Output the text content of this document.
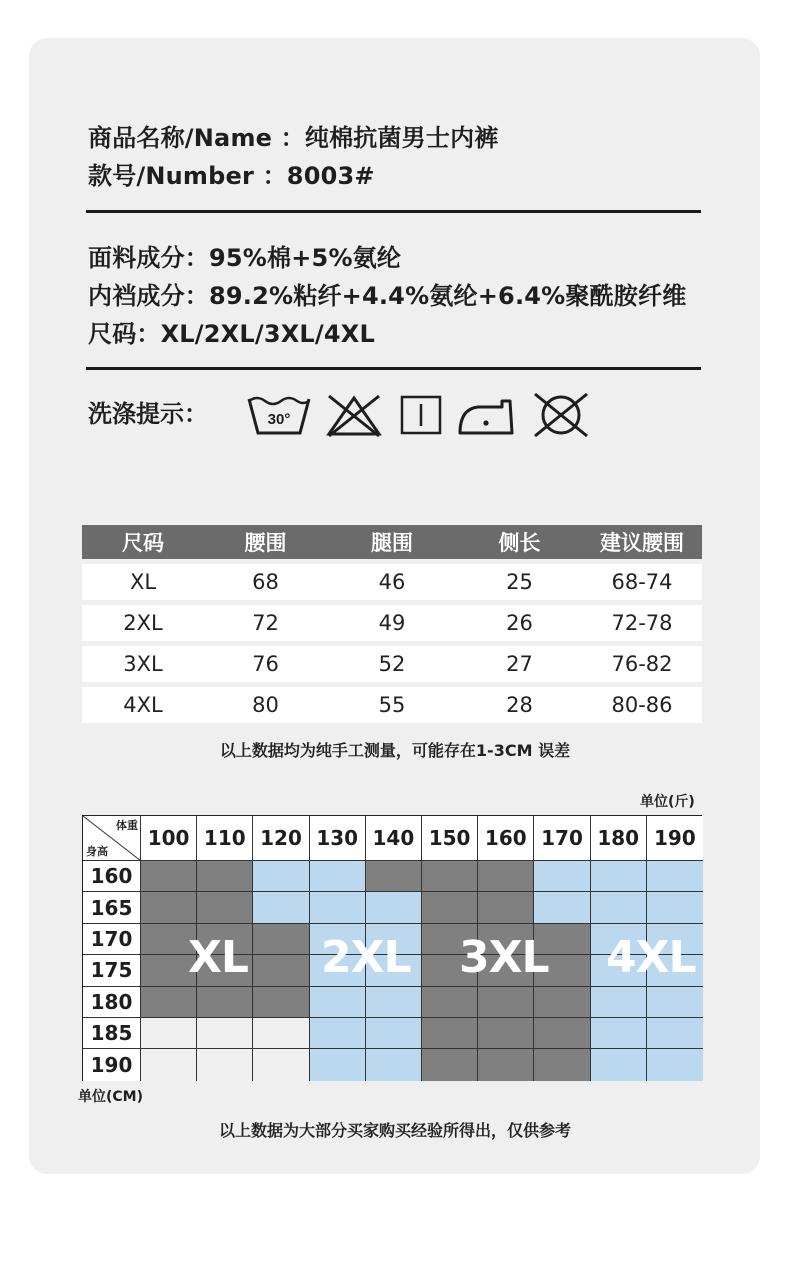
商品名称/Name ：纯棉抗菌男士内裤
款号/Number ：8003#
面料成分：95%棉+5%氨纶
内裆成分：89.2%粘纤+4.4%氨纶+6.4%聚酰胺纤维
尺码：XL/2XL/3XL/4XL
洗涤提示：	30°
尺码	腰围	腿围	侧长	建议腰围
XL	68	46	25	68-74
2XL	72	49	26	72-78
3XL	76	52	27	76-82
4XL	80	55	28	80-86
以上数据均为纯手工测量，可能存在1-3CM 误差
单位(斤)
体重
身高
100 110 120 130 140 150 160 170 180 190
160
165
170
175
180
185
190
XL 2XL 3XL 4XL
单位(CM)
以上数据为大部分买家购买经验所得出，仅供参考
